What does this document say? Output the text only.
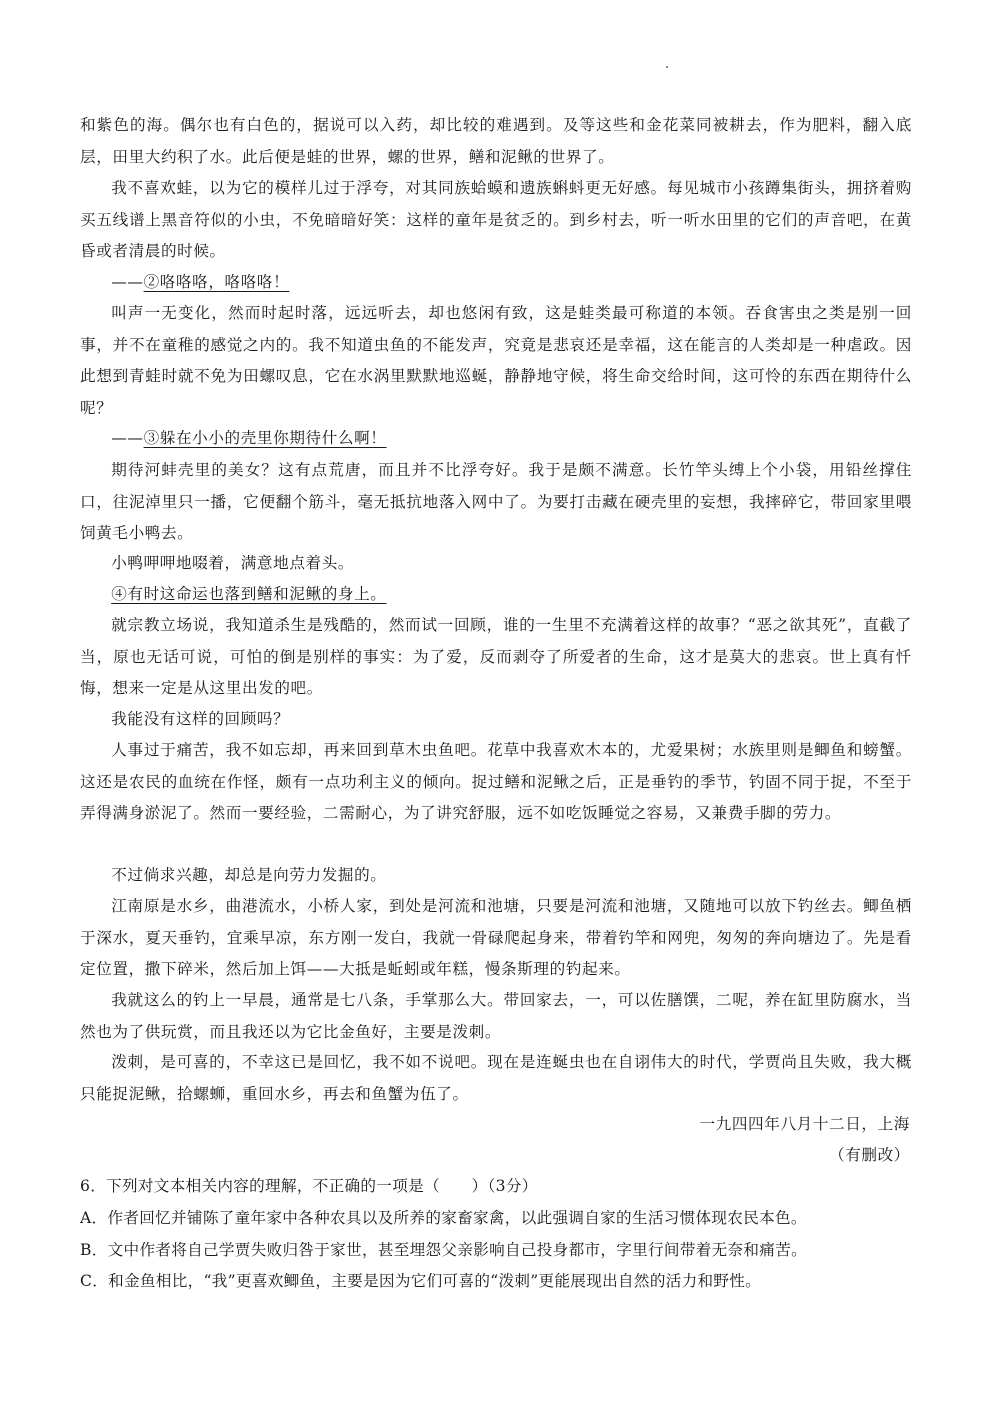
和紫色的海。偶尔也有白色的，据说可以入药，却比较的难遇到。及等这些和金花菜同被耕去，作为肥料，翻入底层，田里大约积了水。此后便是蛙的世界，螺的世界，鳝和泥鳅的世界了。

我不喜欢蛙，以为它的模样儿过于浮夸，对其同族蛤蟆和遗族蝌蚪更无好感。每见城市小孩蹲集街头，拥挤着购买五线谱上黑音符似的小虫，不免暗暗好笑：这样的童年是贫乏的。到乡村去，听一听水田里的它们的声音吧，在黄昏或者清晨的时候。

——②咯咯咯，咯咯咯！

叫声一无变化，然而时起时落，远远听去，却也悠闲有致，这是蛙类最可称道的本领。吞食害虫之类是别一回事，并不在童稚的感觉之内的。我不知道虫鱼的不能发声，究竟是悲哀还是幸福，这在能言的人类却是一种虐政。因此想到青蛙时就不免为田螺叹息，它在水涡里默默地巡蜒，静静地守候，将生命交给时间，这可怜的东西在期待什么呢？

——③躲在小小的壳里你期待什么啊！

期待河蚌壳里的美女？这有点荒唐，而且并不比浮夸好。我于是颇不满意。长竹竿头缚上个小袋，用铅丝撑住口，往泥淖里只一播，它便翻个筋斗，毫无抵抗地落入网中了。为要打击藏在硬壳里的妄想，我摔碎它，带回家里喂饲黄毛小鸭去。

小鸭呷呷地啜着，满意地点着头。

④有时这命运也落到鳝和泥鳅的身上。

就宗教立场说，我知道杀生是残酷的，然而试一回顾，谁的一生里不充满着这样的故事？“恶之欲其死”，直截了当，原也无话可说，可怕的倒是别样的事实：为了爱，反而剥夺了所爱者的生命，这才是莫大的悲哀。世上真有忏悔，想来一定是从这里出发的吧。

我能没有这样的回顾吗？

人事过于痛苦，我不如忘却，再来回到草木虫鱼吧。花草中我喜欢木本的，尤爱果树；水族里则是鲫鱼和螃蟹。这还是农民的血统在作怪，颇有一点功利主义的倾向。捉过鳝和泥鳅之后，正是垂钓的季节，钓固不同于捉，不至于弄得满身淤泥了。然而一要经验，二需耐心，为了讲究舒服，远不如吃饭睡觉之容易，又兼费手脚的劳力。

不过倘求兴趣，却总是向劳力发掘的。

江南原是水乡，曲港流水，小桥人家，到处是河流和池塘，只要是河流和池塘，又随地可以放下钓丝去。鲫鱼栖于深水，夏天垂钓，宜乘早凉，东方刚一发白，我就一骨碌爬起身来，带着钓竿和网兜，匆匆的奔向塘边了。先是看定位置，撒下碎米，然后加上饵——大抵是蚯蚓或年糕，慢条斯理的钓起来。

我就这么的钓上一早晨，通常是七八条，手掌那么大。带回家去，一，可以佐膳馔，二呢，养在缸里防腐水，当然也为了供玩赏，而且我还以为它比金鱼好，主要是泼刺。

泼刺，是可喜的，不幸这已是回忆，我不如不说吧。现在是连蜒虫也在自诩伟大的时代，学贾尚且失败，我大概只能捉泥鳅，拾螺蛳，重回水乡，再去和鱼蟹为伍了。

一九四四年八月十二日，上海
（有删改）
6．下列对文本相关内容的理解，不正确的一项是（　　）（3分）
A．作者回忆并铺陈了童年家中各种农具以及所养的家畜家禽，以此强调自家的生活习惯体现农民本色。
B．文中作者将自己学贾失败归咎于家世，甚至埋怨父亲影响自己投身都市，字里行间带着无奈和痛苦。
C．和金鱼相比，“我”更喜欢鲫鱼，主要是因为它们可喜的“泼刺”更能展现出自然的活力和野性。
